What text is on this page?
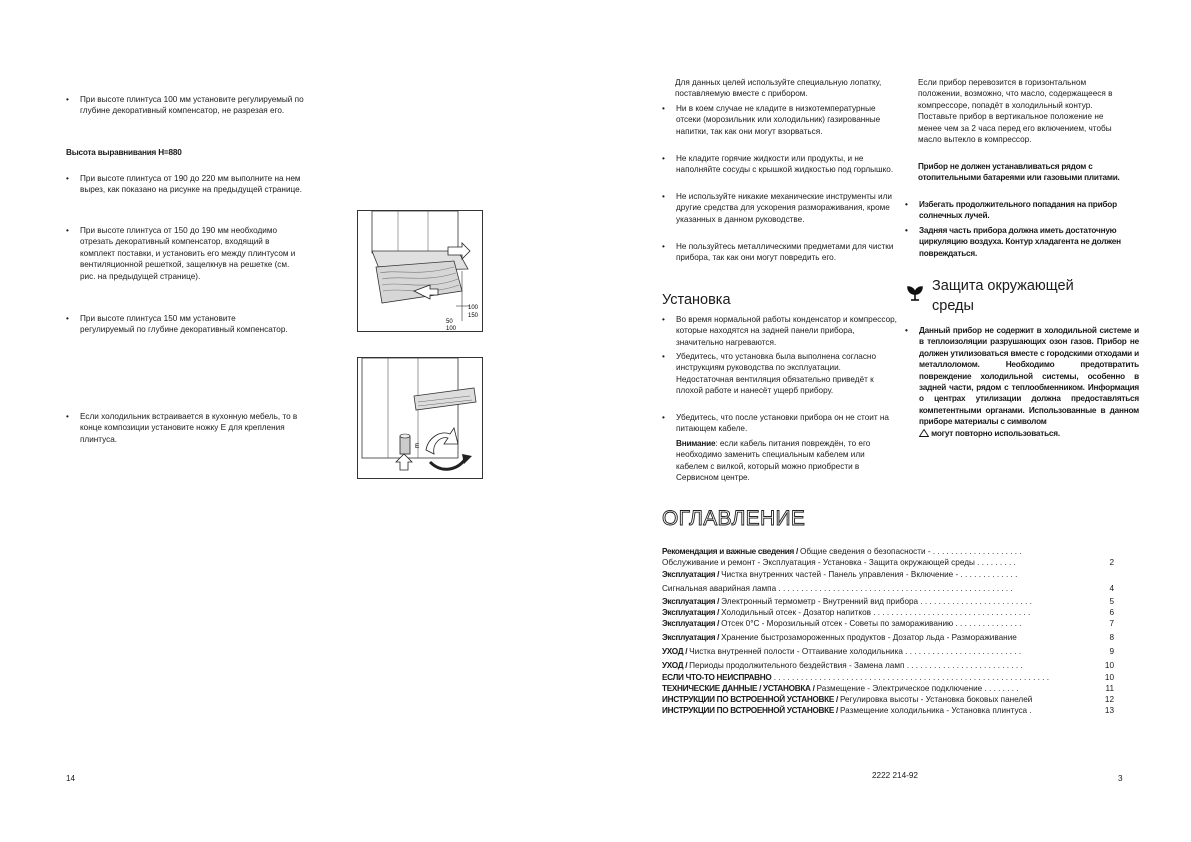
• При высоте плинтуса 100 мм установите регулируемый по глубине декоративный компенсатор, не разрезая его.
Высота выравнивания H=880
• При высоте плинтуса от 190 до 220 мм выполните на нем вырез, как показано на рисунке на предыдущей странице.
• При высоте плинтуса от 150 до 190 мм необходимо отрезать декоративный компенсатор, входящий в комплект поставки, и установить его между плинтусом и вентиляционной решеткой, защелкнув на решетке (см. рис. на предыдущей странице).
• При высоте плинтуса 150 мм установите регулируемый по глубине декоративный компенсатор.
• Если холодильник встраивается в кухонную мебель, то в конце композиции установите ножку E для крепления плинтуса.
100
150
50
100
E
14
Для данных целей используйте специальную лопатку, поставляемую вместе с прибором.
• Ни в коем случае не кладите в низкотемпературные отсеки (морозильник или холодильник) газированные напитки, так как они могут взорваться.
• Не кладите горячие жидкости или продукты, и не наполняйте сосуды с крышкой жидкостью под горлышко.
• Не используйте никакие механические инструменты или другие средства для ускорения размораживания, кроме указанных в данном руководстве.
• Не пользуйтесь металлическими предметами для чистки прибора, так как они могут повредить его.
Установка
• Во время нормальной работы конденсатор и компрессор, которые находятся на задней панели прибора, значительно нагреваются.
• Убедитесь, что установка была выполнена согласно инструкциям руководства по эксплуатации. Недостаточная вентиляция обязательно приведёт к плохой работе и нанесёт ущерб прибору.
• Убедитесь, что после установки прибора он не стоит на питающем кабеле.
Внимание: если кабель питания повреждён, то его необходимо заменить специальным кабелем или кабелем с вилкой, который можно приобрести в Сервисном центре.
Если прибор перевозится в горизонтальном положении, возможно, что масло, содержащееся в компрессоре, попадёт в холодильный контур. Поставьте прибор в вертикальное положение не менее чем за 2 часа перед его включением, чтобы масло вытекло в компрессор.
Прибор не должен устанавливаться рядом с отопительными батареями или газовыми плитами.
• Избегать продолжительного попадания на прибор солнечных лучей.
• Задняя часть прибора должна иметь достаточную циркуляцию воздуха. Контур хладагента не должен повреждаться.
Защита окружающей
среды
• Данный прибор не содержит в холодильной системе и в теплоизоляции разрушающих озон газов. Прибор не должен утилизоваться вместе с городскими отходами и металлоломом. Необходимо предотвратить повреждение холодильной системы, особенно в задней части, рядом с теплообменником. Информация о центрах утилизации должна предоставляться компетентными органами. Использованные в данном приборе материалы с символом
могут повторно использоваться.
ОГЛАВЛЕНИЕ
Рекомендация и важные сведения / Общие сведения о безопасности - . . . . . . . . . . . . . . . . . . . .
Обслуживание и ремонт - Эксплуатация - Установка - Защита окружающей среды . . . . . . . . .	2
Эксплуатация / Чистка внутренних частей - Панель управления - Включение - . . . . . . . . . . . . .
Сигнальная аварийная лампа . . . . . . . . . . . . . . . . . . . . . . . . . . . . . . . . . . . . . . . . . . . . . . . . . . . .	4
Эксплуатация / Электронный термометр - Внутренний вид прибора . . . . . . . . . . . . . . . . . . . . . . . . .	5
Эксплуатация / Холодильный отсек - Дозатор напитков . . . . . . . . . . . . . . . . . . . . . . . . . . . . . . . . . . .	6
Эксплуатация / Отсек 0°C - Морозильный отсек - Советы по замораживанию . . . . . . . . . . . . . . .	7
Эксплуатация / Хранение быстрозамороженных продуктов - Дозатор льда - Размораживание	8
УХОД / Чистка внутренней полости - Оттаивание холодильника . . . . . . . . . . . . . . . . . . . . . . . . . .	9
УХОД / Периоды продолжительного бездействия - Замена ламп . . . . . . . . . . . . . . . . . . . . . . . . . .	10
ЕСЛИ ЧТО-ТО НЕИСПРАВНО . . . . . . . . . . . . . . . . . . . . . . . . . . . . . . . . . . . . . . . . . . . . . . . . . . . . . . . . . . . . .	10
ТЕХНИЧЕСКИЕ ДАННЫЕ / УСТАНОВКА / Размещение - Электрическое подключение . . . . . . . .	11
ИНСТРУКЦИИ ПО ВСТРОЕННОЙ УСТАНОВКЕ / Регулировка высоты - Установка боковых панелей	12
ИНСТРУКЦИИ ПО ВСТРОЕННОЙ УСТАНОВКЕ / Размещение холодильника - Установка плинтуса .	13
2222 214-92	3
